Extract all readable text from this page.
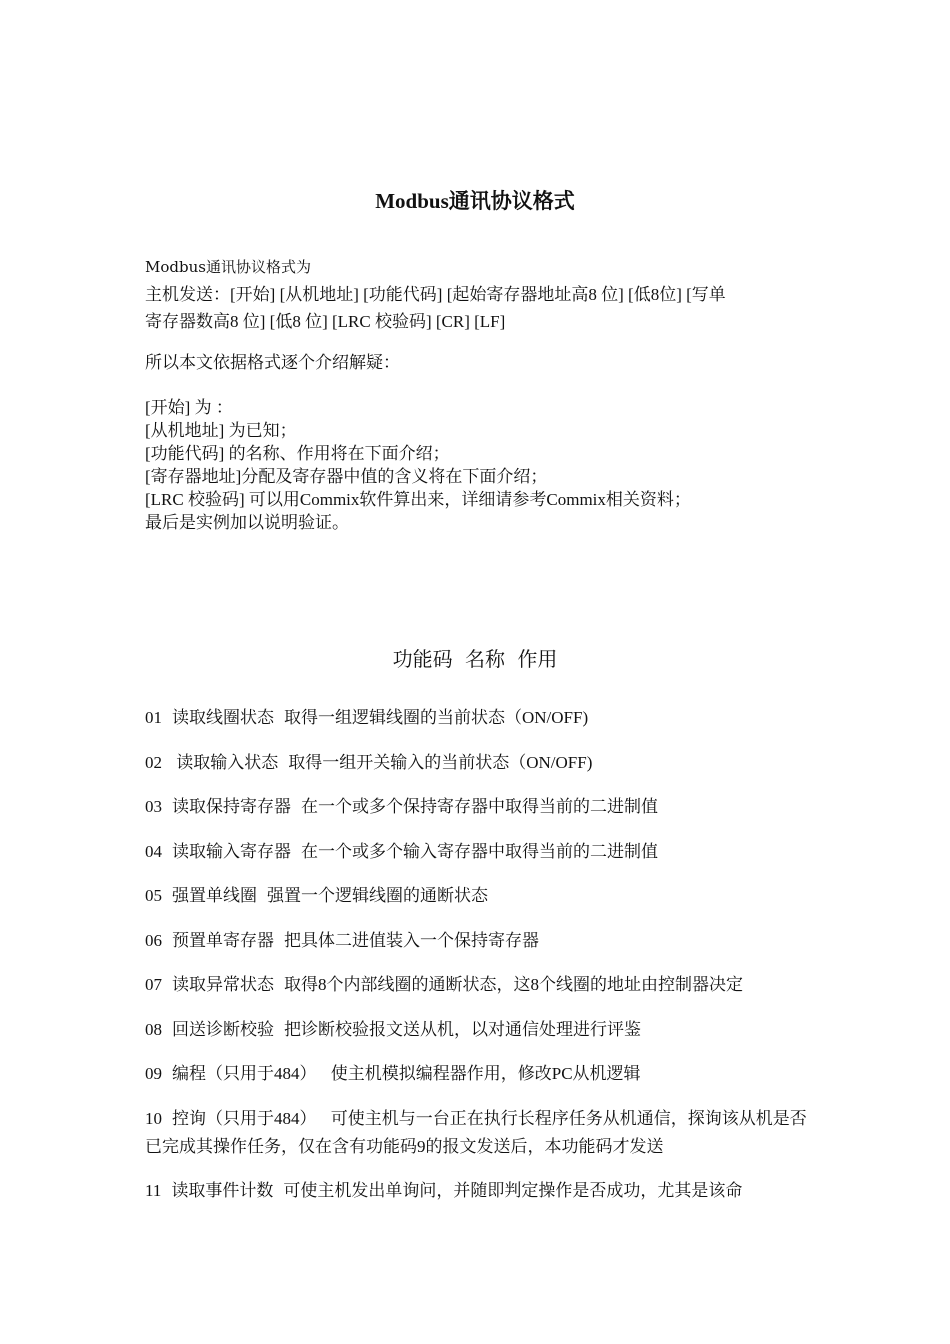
Modbus通讯协议格式

Modbus通讯协议格式为

主机发送：[开始] [从机地址] [功能代码] [起始寄存器地址高8 位] [低8位] [写单

寄存器数高8 位] [低8 位] [LRC 校验码] [CR] [LF]

所以本文依据格式逐个介绍解疑：

[开始] 为 ：
[从机地址] 为已知；
[功能代码] 的名称、作用将在下面介绍；
[寄存器地址]分配及寄存器中值的含义将在下面介绍；
[LRC 校验码] 可以用Commix软件算出来，详细请参考Commix相关资料；
最后是实例加以说明验证。
功能码 名称 作用
01 读取线圈状态 取得一组逻辑线圈的当前状态（ON/OFF)
02 读取输入状态 取得一组开关输入的当前状态（ON/OFF)
03 读取保持寄存器 在一个或多个保持寄存器中取得当前的二进制值
04 读取输入寄存器 在一个或多个输入寄存器中取得当前的二进制值
05 强置单线圈 强置一个逻辑线圈的通断状态
06 预置单寄存器 把具体二进值装入一个保持寄存器
07 读取异常状态 取得8个内部线圈的通断状态，这8个线圈的地址由控制器决定
08 回送诊断校验 把诊断校验报文送从机，以对通信处理进行评鉴
09 编程（只用于484） 使主机模拟编程器作用，修改PC从机逻辑
10 控询（只用于484） 可使主机与一台正在执行长程序任务从机通信，探询该从机是否已完成其操作任务，仅在含有功能码9的报文发送后，本功能码才发送
11 读取事件计数 可使主机发出单询问，并随即判定操作是否成功，尤其是该命
